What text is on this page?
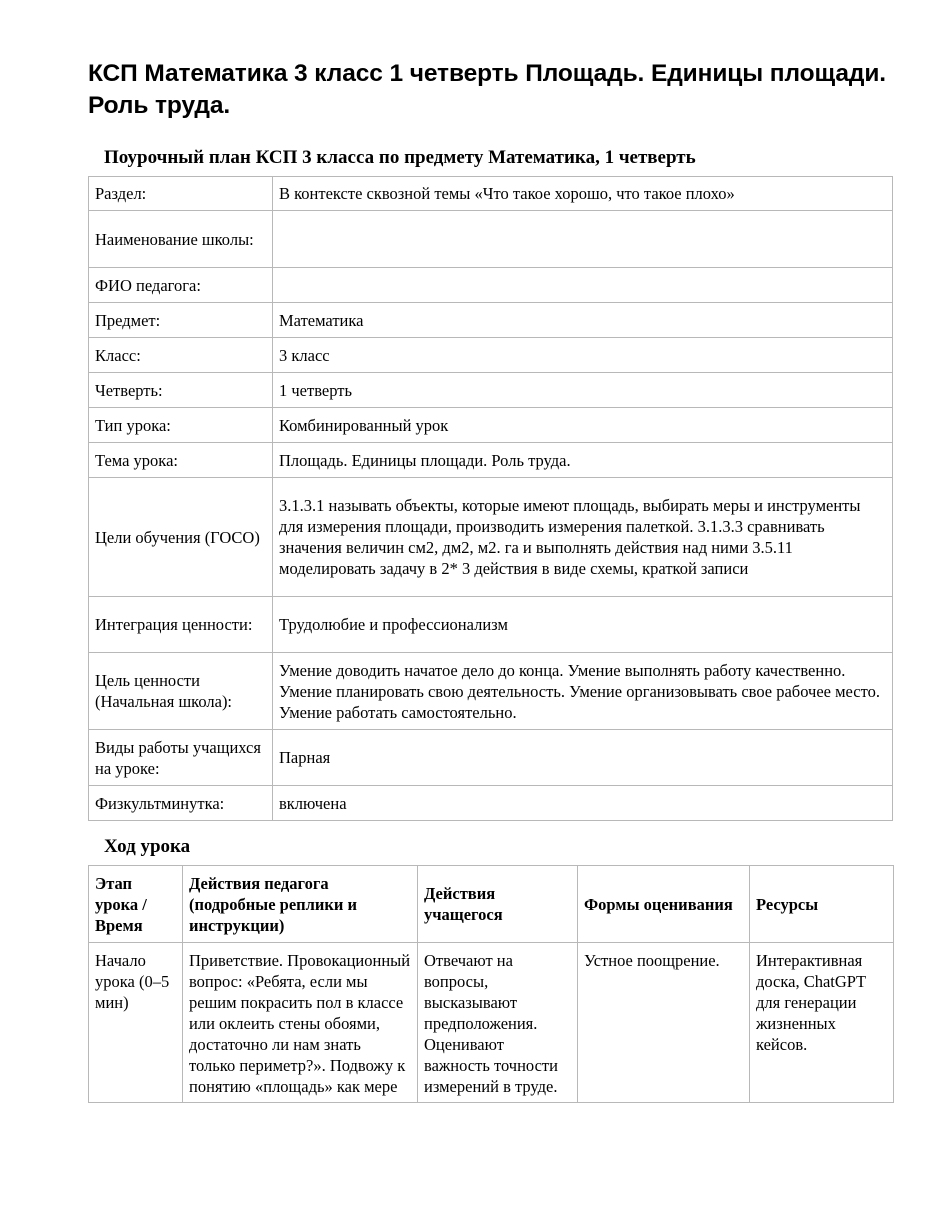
КСП Математика 3 класс 1 четверть Площадь. Единицы площади. Роль труда.
Поурочный план КСП 3 класса по предмету Математика, 1 четверть
Раздел:	В контексте сквозной темы «Что такое хорошо, что такое плохо»
Наименование школы:	
ФИО педагога:	
Предмет:	Математика
Класс:	3 класс
Четверть:	1 четверть
Тип урока:	Комбинированный урок
Тема урока:	Площадь. Единицы площади. Роль труда.
Цели обучения (ГОСО)	3.1.3.1 называть объекты, которые имеют площадь, выбирать меры и инструменты для измерения площади, производить измерения палеткой. 3.1.3.3 сравнивать значения величин см2, дм2, м2. га и выполнять действия над ними 3.5.11 моделировать задачу в 2* 3 действия в виде схемы, краткой записи
Интеграция ценности:	Трудолюбие и профессионализм
Цель ценности (Начальная школа):	Умение доводить начатое дело до конца. Умение выполнять работу качественно. Умение планировать свою деятельность. Умение организовывать свое рабочее место. Умение работать самостоятельно.
Виды работы учащихся на уроке:	Парная
Физкультминутка:	включена
Ход урока
Этап урока / Время	Действия педагога (подробные реплики и инструкции)	Действия учащегося	Формы оценивания	Ресурсы
Начало урока (0–5 мин)	Приветствие. Провокационный вопрос: «Ребята, если мы решим покрасить пол в классе или оклеить стены обоями, достаточно ли нам знать только периметр?». Подвожу к понятию «площадь» как мере	Отвечают на вопросы, высказывают предположения. Оценивают важность точности измерений в труде.	Устное поощрение.	Интерактивная доска, ChatGPT для генерации жизненных кейсов.
